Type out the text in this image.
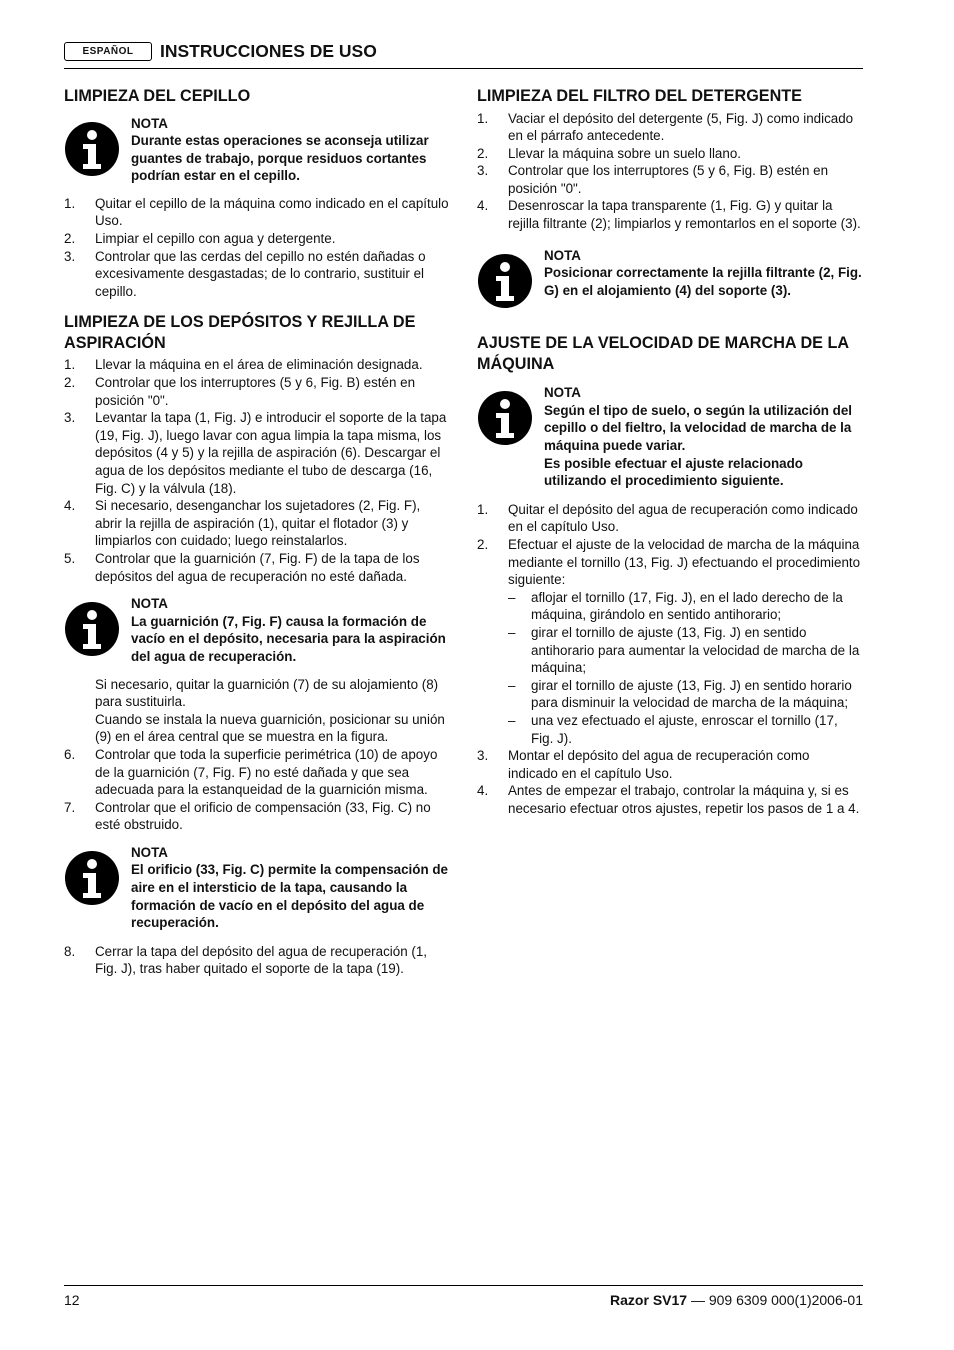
ESPAÑOL	INSTRUCCIONES DE USO
LIMPIEZA DEL CEPILLO
NOTA
Durante estas operaciones se aconseja utilizar guantes de trabajo, porque residuos cortantes podrían estar en el cepillo.
1.	Quitar el cepillo de la máquina como indicado en el capítulo Uso.
2.	Limpiar el cepillo con agua y detergente.
3.	Controlar que las cerdas del cepillo no estén dañadas o excesivamente desgastadas; de lo contrario, sustituir el cepillo.
LIMPIEZA DE LOS DEPÓSITOS Y REJILLA DE ASPIRACIÓN
1.	Llevar la máquina en el área de eliminación designada.
2.	Controlar que los interruptores (5 y 6, Fig. B) estén en posición "0".
3.	Levantar la tapa (1, Fig. J) e introducir el soporte de la tapa (19, Fig. J), luego lavar con agua limpia la tapa misma, los depósitos (4 y 5) y la rejilla de aspiración (6). Descargar el agua de los depósitos mediante el tubo de descarga (16, Fig. C) y la válvula (18).
4.	Si necesario, desenganchar los sujetadores (2, Fig. F), abrir la rejilla de aspiración (1), quitar el flotador (3) y limpiarlos con cuidado; luego reinstalarlos.
5.	Controlar que la guarnición (7, Fig. F) de la tapa de los depósitos del agua de recuperación no esté dañada.
NOTA
La guarnición (7, Fig. F) causa la formación de vacío en el depósito, necesaria para la aspiración del agua de recuperación.

Si necesario, quitar la guarnición (7) de su alojamiento (8) para sustituirla.

Cuando se instala la nueva guarnición, posicionar su unión (9) en el área central que se muestra en la figura.

6.	Controlar que toda la superficie perimétrica (10) de apoyo de la guarnición (7, Fig. F) no esté dañada y que sea adecuada para la estanqueidad de la guarnición misma.
7.	Controlar que el orificio de compensación (33, Fig. C) no esté obstruido.
NOTA
El orificio (33, Fig. C) permite la compensación de aire en el intersticio de la tapa, causando la formación de vacío en el depósito del agua de recuperación.
8.	Cerrar la tapa del depósito del agua de recuperación (1, Fig. J), tras haber quitado el soporte de la tapa (19).
LIMPIEZA DEL FILTRO DEL DETERGENTE
1.	Vaciar el depósito del detergente (5, Fig. J) como indicado en el párrafo antecedente.
2.	Llevar la máquina sobre un suelo llano.
3.	Controlar que los interruptores (5 y 6, Fig. B) estén en posición "0".
4.	Desenroscar la tapa transparente (1, Fig. G) y quitar la rejilla filtrante (2); limpiarlos y remontarlos en el soporte (3).
NOTA
Posicionar correctamente la rejilla filtrante (2, Fig. G) en el alojamiento (4) del soporte (3).
AJUSTE DE LA VELOCIDAD DE MARCHA DE LA MÁQUINA
NOTA
Según el tipo de suelo, o según la utilización del cepillo o del fieltro, la velocidad de marcha de la máquina puede variar.
Es posible efectuar el ajuste relacionado utilizando el procedimiento siguiente.
1.	Quitar el depósito del agua de recuperación como indicado en el capítulo Uso.
2.	Efectuar el ajuste de la velocidad de marcha de la máquina mediante el tornillo (13, Fig. J) efectuando el procedimiento siguiente:
–	aflojar el tornillo (17, Fig. J), en el lado derecho de la máquina, girándolo en sentido antihorario;
–	girar el tornillo de ajuste (13, Fig. J) en sentido antihorario para aumentar la velocidad de marcha de la máquina;
–	girar el tornillo de ajuste (13, Fig. J) en sentido horario para disminuir la velocidad de marcha de la máquina;
–	una vez efectuado el ajuste, enroscar el tornillo (17, Fig. J).
3.	Montar el depósito del agua de recuperación como indicado en el capítulo Uso.
4.	Antes de empezar el trabajo, controlar la máquina y, si es necesario efectuar otros ajustes, repetir los pasos de 1 a 4.
12	Razor SV17 — 909 6309 000(1)2006-01
